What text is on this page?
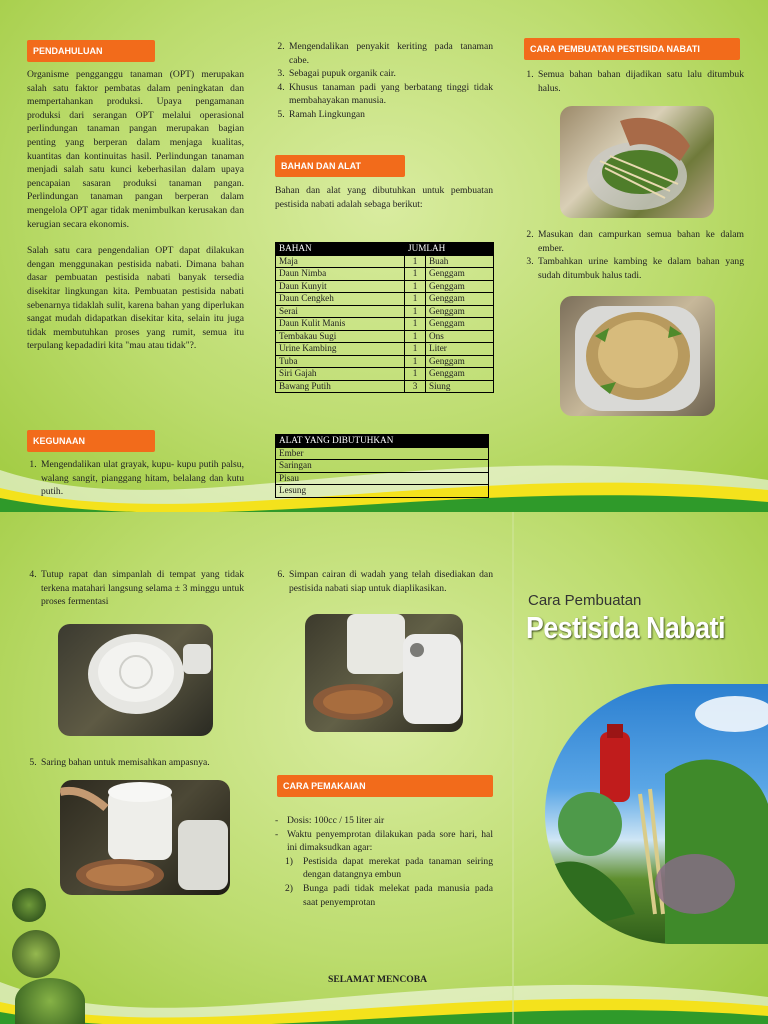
PENDAHULUAN

Organisme pengganggu tanaman (OPT) merupakan salah satu faktor pembatas dalam peningkatan dan mempertahankan produksi. Upaya pengamanan produksi dari serangan OPT melalui operasional perlindungan tanaman pangan merupakan bagian penting yang berperan dalam menjaga kualitas, kuantitas dan kontinuitas hasil. Perlindungan tanaman menjadi salah satu kunci keberhasilan dalam upaya pencapaian sasaran produksi tanaman pangan. Perlindungan tanaman pangan berperan dalam mengelola OPT agar tidak menimbulkan kerusakan dan kerugian secara ekonomis.

Salah satu cara pengendalian OPT dapat dilakukan dengan menggunakan pestisida nabati. Dimana bahan dasar pembuatan pestisida nabati banyak tersedia disekitar lingkungan kita. Pembuatan pestisida nabati sebenarnya tidaklah sulit, karena bahan yang diperlukan sangat mudah didapatkan disekitar kita, selain itu juga tidak membutuhkan proses yang rumit, semua itu terpulang kepadadiri kita "mau atau tidak"?.

KEGUNAAN
1. Mengendalikan ulat grayak, kupu- kupu putih palsu, walang sangit, pianggang hitam, belalang dan kutu putih.
2. Mengendalikan penyakit keriting pada tanaman cabe.
3. Sebagai pupuk organik cair.
4. Khusus tanaman padi yang berbatang tinggi tidak membahayakan manusia.
5. Ramah Lingkungan
BAHAN DAN ALAT
Bahan dan alat yang dibutuhkan untuk pembuatan pestisida nabati adalah sebaga berikut:
BAHAN	JUMLAH	
Maja	1	Buah
Daun Nimba	1	Genggam
Daun Kunyit	1	Genggam
Daun Cengkeh	1	Genggam
Serai	1	Genggam
Daun Kulit Manis	1	Genggam
Tembakau Sugi	1	Ons
Urine Kambing	1	Liter
Tuba	1	Genggam
Siri Gajah	1	Genggam
Bawang Putih	3	Siung
ALAT YANG DIBUTUHKAN
Ember
Saringan
Pisau
Lesung
CARA PEMBUATAN PESTISIDA NABATI
1. Semua bahan bahan dijadikan satu lalu ditumbuk halus.
2. Masukan dan campurkan semua bahan ke dalam ember.
3. Tambahkan urine kambing ke dalam bahan yang sudah ditumbuk halus tadi.
4. Tutup rapat dan simpanlah di tempat yang tidak terkena matahari langsung selama ± 3 minggu untuk proses fermentasi
5. Saring bahan untuk memisahkan ampasnya.
6. Simpan cairan di wadah yang telah disediakan dan pestisida nabati siap untuk diaplikasikan.
CARA PEMAKAIAN
- Dosis: 100cc / 15 liter air
- Waktu penyemprotan dilakukan pada sore hari, hal ini dimaksudkan agar:
1) Pestisida dapat merekat pada tanaman seiring dengan datangnya embun
2) Bunga padi tidak melekat pada manusia pada saat penyemprotan
SELAMAT MENCOBA
Cara Pembuatan
Pestisida Nabati
